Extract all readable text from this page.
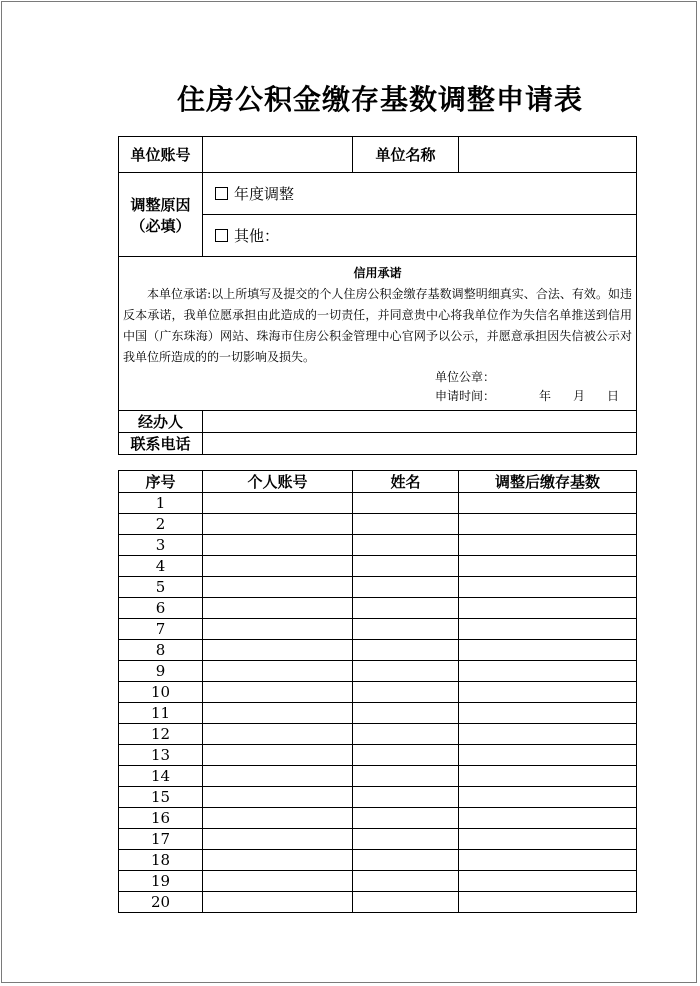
住房公积金缴存基数调整申请表
单位账号		单位名称	

调整原因
（必填）	年度调整		
	其他：		

信用承诺

本单位承诺:以上所填写及提交的个人住房公积金缴存基数调整明细真实、合法、有效。如违反本承诺，我单位愿承担由此造成的一切责任，并同意贵中心将我单位作为失信名单推送到信用中国（广东珠海）网站、珠海市住房公积金管理中心官网予以公示，并愿意承担因失信被公示对我单位所造成的的一切影响及损失。

单位公章：
申请时间： 年 月 日			

经办人			
联系电话			
序号	个人账号	姓名	调整后缴存基数
1			
2			
3			
4			
5			
6			
7			
8			
9			
10			
11			
12			
13			
14			
15			
16			
17			
18			
19			
20			
